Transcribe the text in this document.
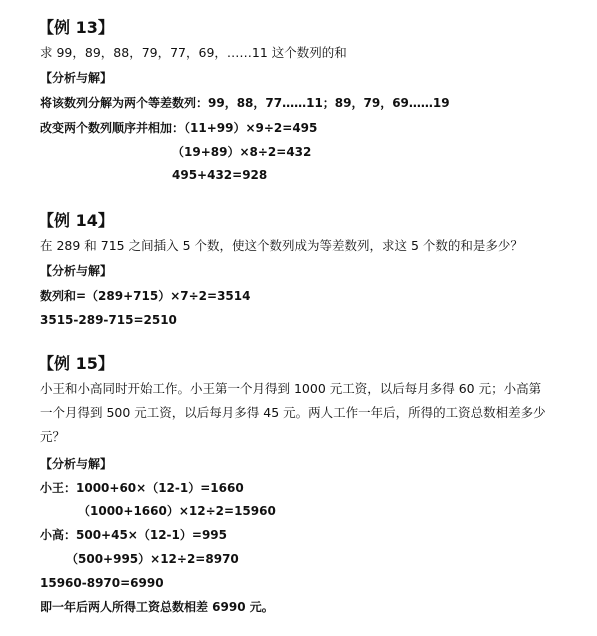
【例 13】
求 99，89，88，79，77，69，……11 这个数列的和
【分析与解】
将该数列分解为两个等差数列：99，88，77……11；89，79，69……19
改变两个数列顺序并相加：（11+99）×9÷2=495
（19+89）×8÷2=432
495+432=928
【例 14】
在 289 和 715 之间插入 5 个数，使这个数列成为等差数列，求这 5 个数的和是多少？
【分析与解】
数列和=（289+715）×7÷2=3514
3515-289-715=2510
【例 15】
小王和小高同时开始工作。小王第一个月得到 1000 元工资，以后每月多得 60 元；小高第
一个月得到 500 元工资，以后每月多得 45 元。两人工作一年后，所得的工资总数相差多少
元？
【分析与解】
小王：1000+60×（12-1）=1660
（1000+1660）×12÷2=15960
小高：500+45×（12-1）=995
（500+995）×12÷2=8970
15960-8970=6990
即一年后两人所得工资总数相差 6990 元。
